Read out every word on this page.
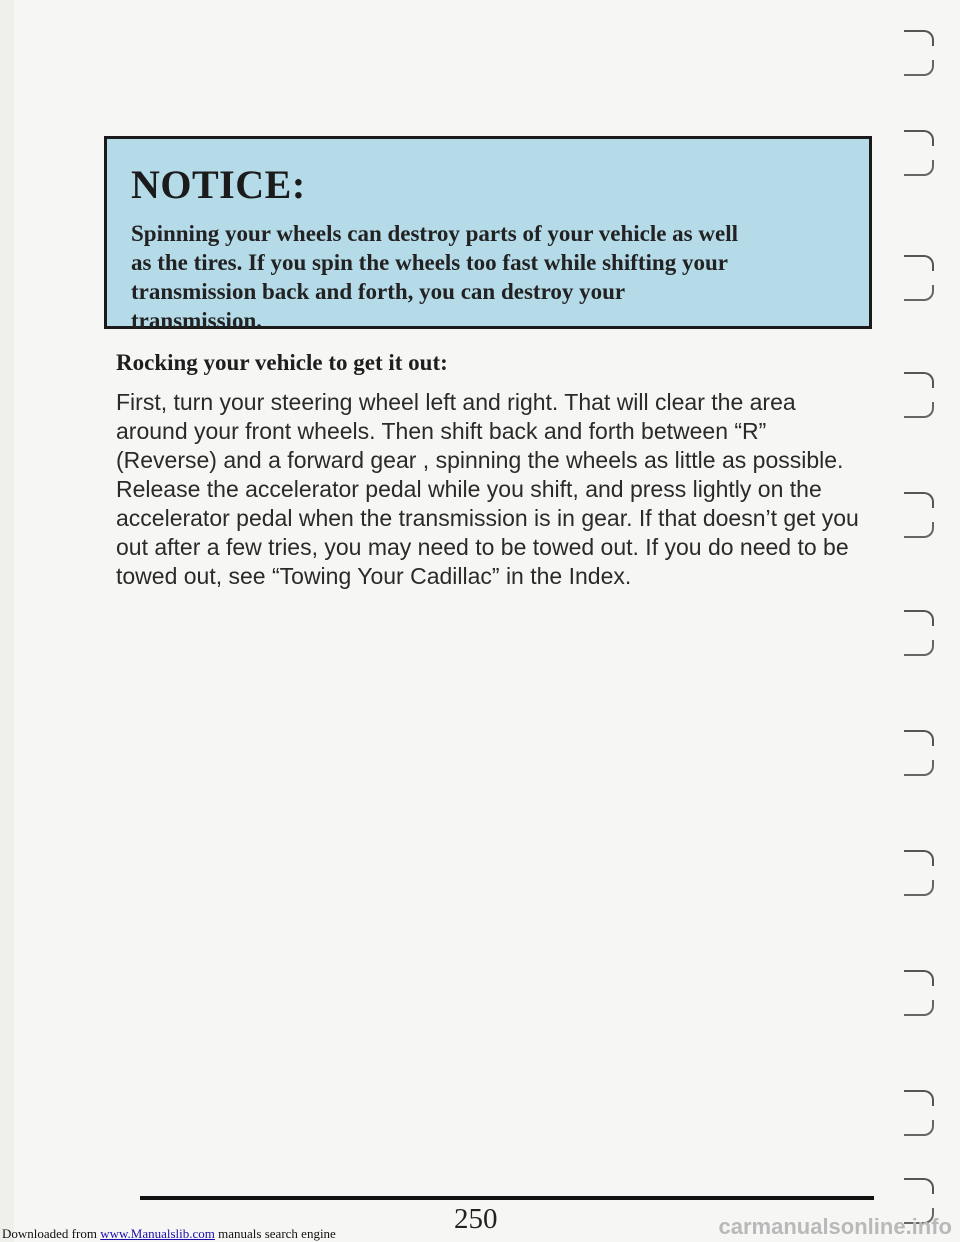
NOTICE:

Spinning your wheels can destroy parts of your vehicle as well
as the tires. If you spin the wheels too fast while shifting your
transmission back and forth, you can destroy your
transmission.

Rocking your vehicle to get it out:

First, turn your steering wheel left and right. That will clear the area
around your front wheels. Then shift back and forth between “R”
(Reverse) and a forward gear , spinning the wheels as little as possible.
Release the accelerator pedal while you shift, and press lightly on the
accelerator pedal when the transmission is in gear. If that doesn’t get you
out after a few tries, you may need to be towed out. If you do need to be
towed out, see “Towing Your Cadillac” in the Index.

250

Downloaded from www.Manualslib.com manuals search engine	carmanualsonline.info
